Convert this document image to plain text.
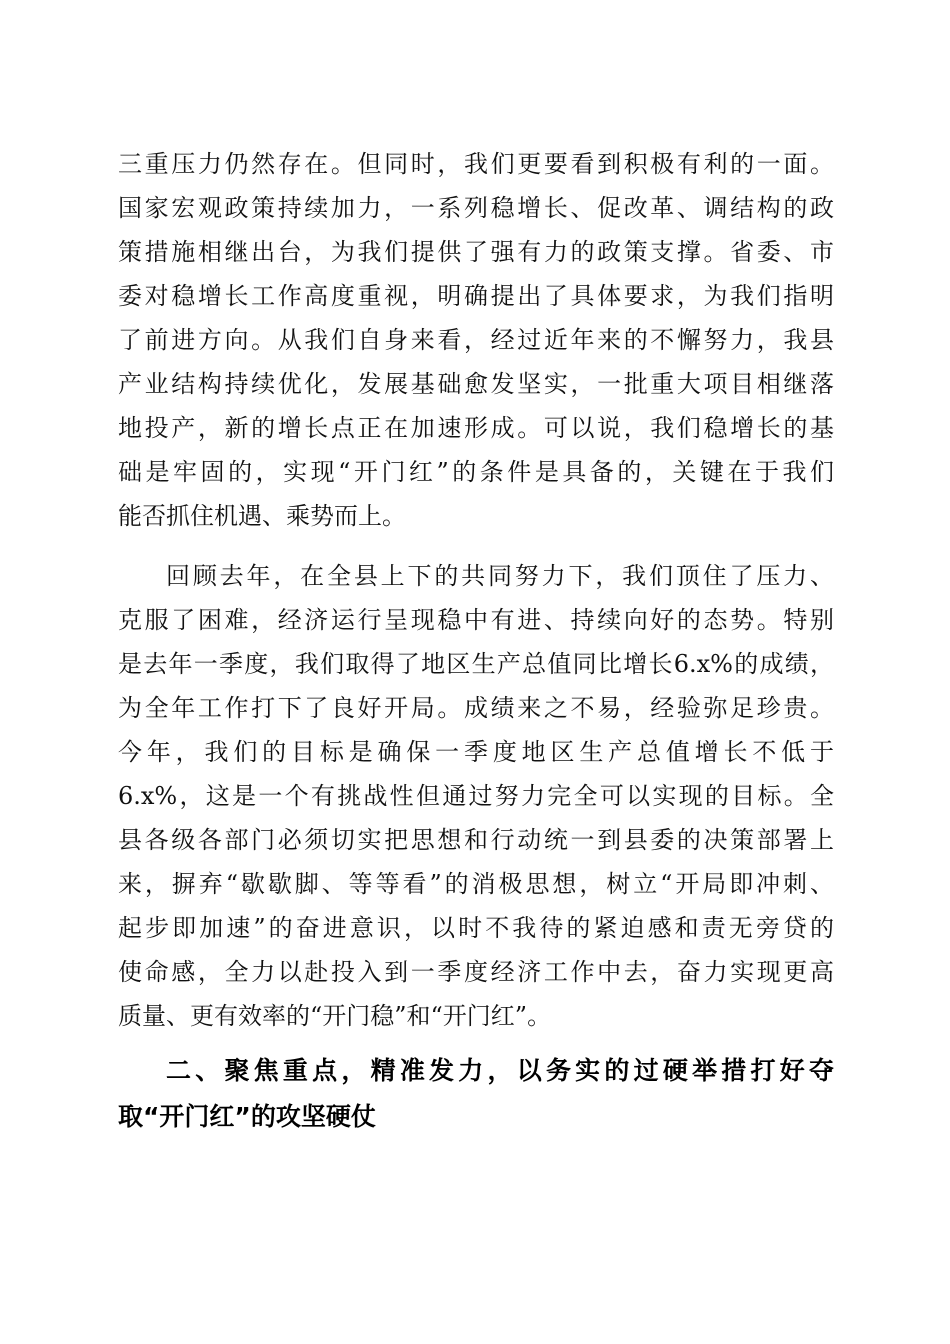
三重压力仍然存在。但同时，我们更要看到积极有利的一面。
国家宏观政策持续加力，一系列稳增长、促改革、调结构的政
策措施相继出台，为我们提供了强有力的政策支撑。省委、市
委对稳增长工作高度重视，明确提出了具体要求，为我们指明
了前进方向。从我们自身来看，经过近年来的不懈努力，我县
产业结构持续优化，发展基础愈发坚实，一批重大项目相继落
地投产，新的增长点正在加速形成。可以说，我们稳增长的基
础是牢固的，实现“开门红”的条件是具备的，关键在于我们
能否抓住机遇、乘势而上。
回顾去年，在全县上下的共同努力下，我们顶住了压力、
克服了困难，经济运行呈现稳中有进、持续向好的态势。特别
是去年一季度，我们取得了地区生产总值同比增长6.x%的成绩，
为全年工作打下了良好开局。成绩来之不易，经验弥足珍贵。
今年，我们的目标是确保一季度地区生产总值增长不低于
6.x%，这是一个有挑战性但通过努力完全可以实现的目标。全
县各级各部门必须切实把思想和行动统一到县委的决策部署上
来，摒弃“歇歇脚、等等看”的消极思想，树立“开局即冲刺、
起步即加速”的奋进意识，以时不我待的紧迫感和责无旁贷的
使命感，全力以赴投入到一季度经济工作中去，奋力实现更高
质量、更有效率的“开门稳”和“开门红”。
二、聚焦重点，精准发力，以务实的过硬举措打好夺
取“开门红”的攻坚硬仗
